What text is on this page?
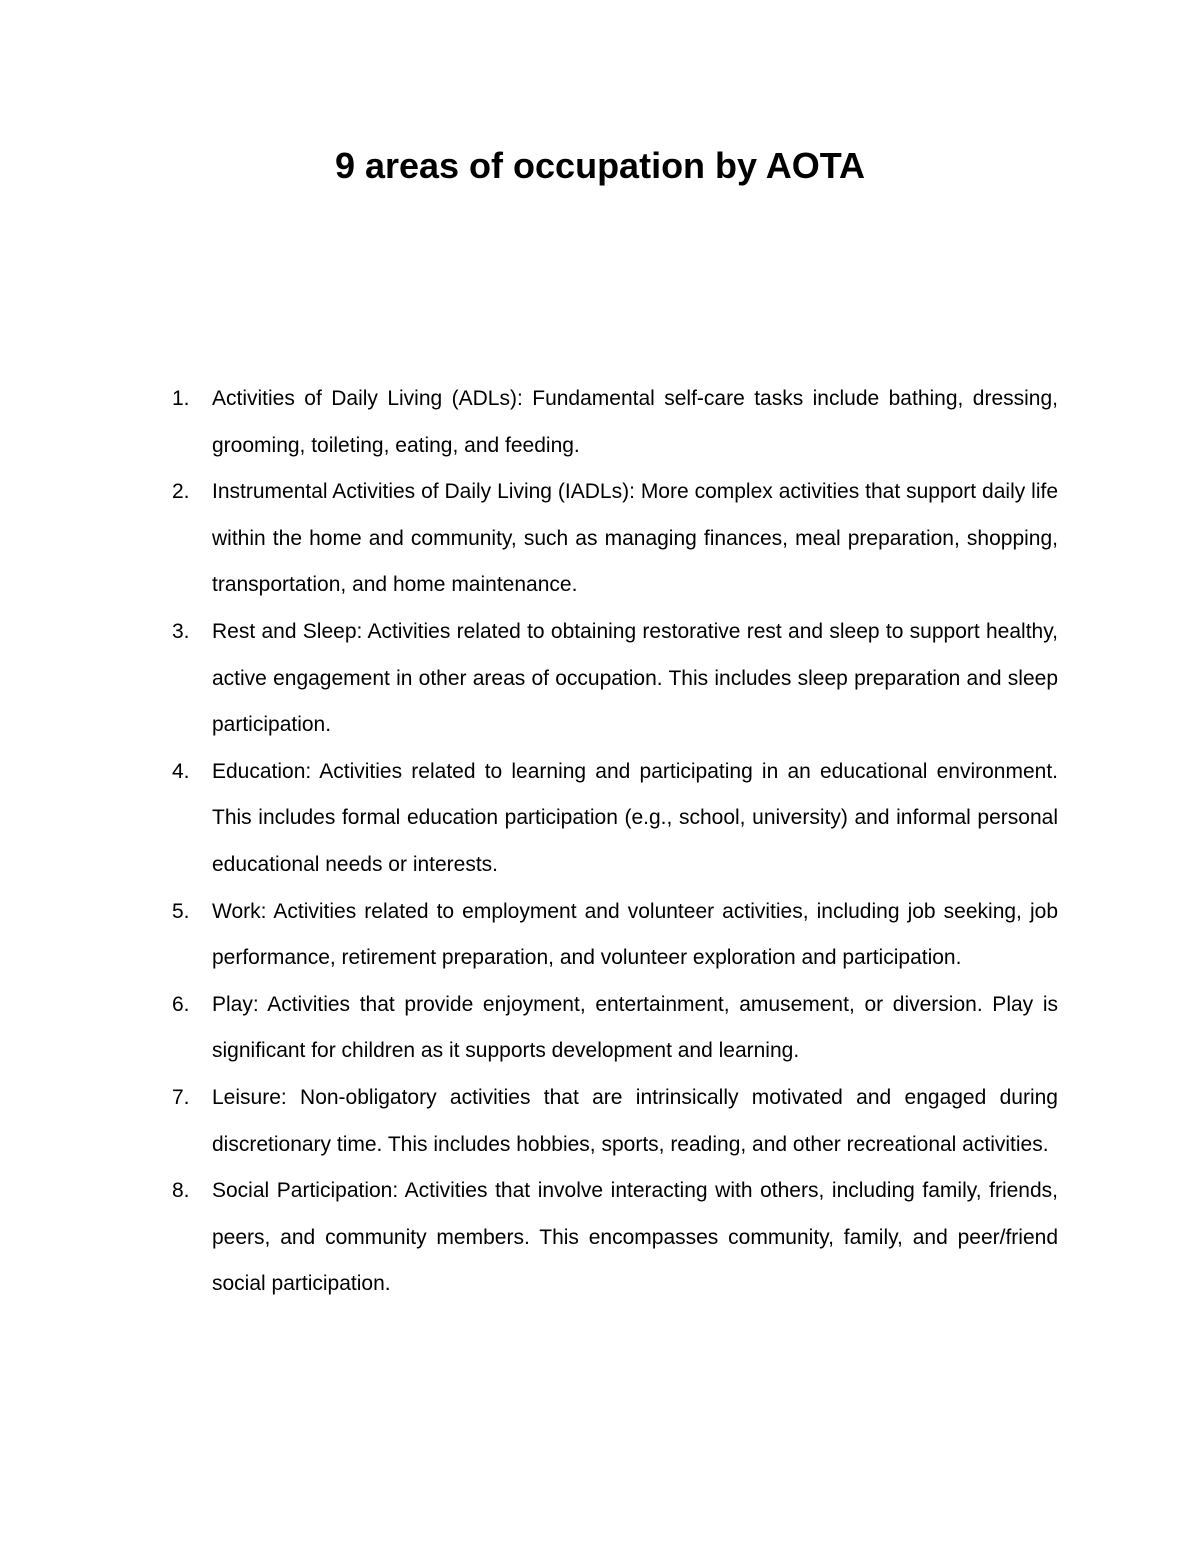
9 areas of occupation by AOTA
1.	Activities of Daily Living (ADLs): Fundamental self-care tasks include bathing, dressing, grooming, toileting, eating, and feeding.
2.	Instrumental Activities of Daily Living (IADLs): More complex activities that support daily life within the home and community, such as managing finances, meal preparation, shopping, transportation, and home maintenance.
3.	Rest and Sleep: Activities related to obtaining restorative rest and sleep to support healthy, active engagement in other areas of occupation. This includes sleep preparation and sleep participation.
4.	Education: Activities related to learning and participating in an educational environment. This includes formal education participation (e.g., school, university) and informal personal educational needs or interests.
5.	Work: Activities related to employment and volunteer activities, including job seeking, job performance, retirement preparation, and volunteer exploration and participation.
6.	Play: Activities that provide enjoyment, entertainment, amusement, or diversion. Play is significant for children as it supports development and learning.
7.	Leisure: Non-obligatory activities that are intrinsically motivated and engaged during discretionary time. This includes hobbies, sports, reading, and other recreational activities.
8.	Social Participation: Activities that involve interacting with others, including family, friends, peers, and community members. This encompasses community, family, and peer/friend social participation.
